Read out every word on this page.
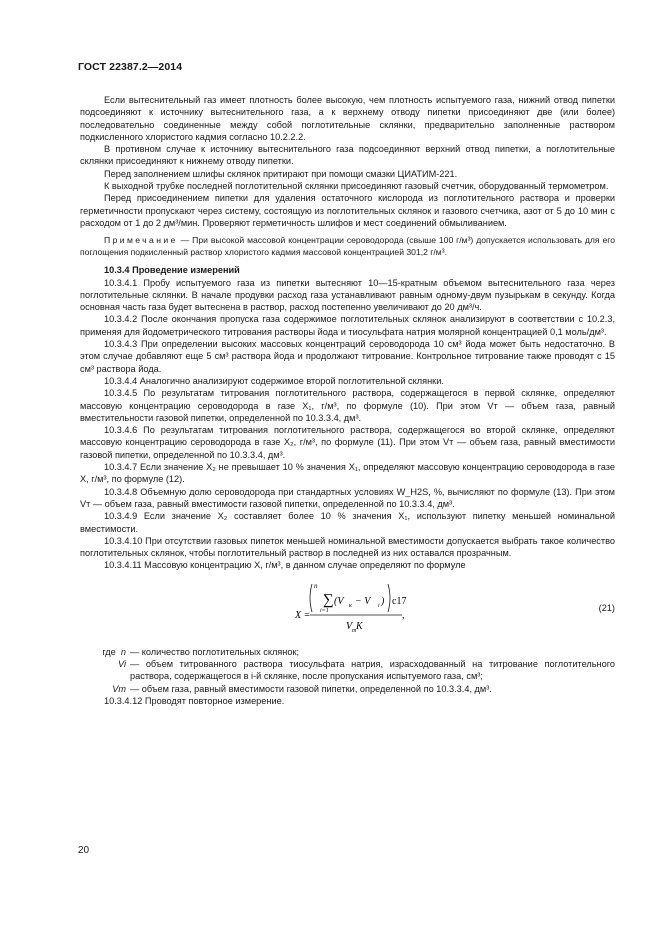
ГОСТ 22387.2—2014

Если вытеснительный газ имеет плотность более высокую, чем плотность испытуемого газа, нижний отвод пипетки подсоединяют к источнику вытеснительного газа, а к верхнему отводу пипетки присоединяют две (или более) последовательно соединенные между собой поглотительные склянки, предварительно заполненные раствором подкисленного хлористого кадмия согласно 10.2.2.2.

В противном случае к источнику вытеснительного газа подсоединяют верхний отвод пипетки, а поглотительные склянки присоединяют к нижнему отводу пипетки.

Перед заполнением шлифы склянок притирают при помощи смазки ЦИАТИМ-221.

К выходной трубке последней поглотительной склянки присоединяют газовый счетчик, оборудованный термометром.

Перед присоединением пипетки для удаления остаточного кислорода из поглотительного раствора и проверки герметичности пропускают через систему, состоящую из поглотительных склянок и газового счетчика, азот от 5 до 10 мин с расходом от 1 до 2 дм³/мин. Проверяют герметичность шлифов и мест соединений обмыливанием.

Примечание — При высокой массовой концентрации сероводорода (свыше 100 г/м³) допускается использовать для его поглощения подкисленный раствор хлористого кадмия массовой концентрацией 301,2 г/м³.

10.3.4 Проведение измерений

10.3.4.1 Пробу испытуемого газа из пипетки вытесняют 10—15-кратным объемом вытеснительного газа через поглотительные склянки. В начале продувки расход газа устанавливают равным одному-двум пузырькам в секунду. Когда основная часть газа будет вытеснена в раствор, расход постепенно увеличивают до 20 дм³/ч.

10.3.4.2 После окончания пропуска газа содержимое поглотительных склянок анализируют в соответствии с 10.2.3, применяя для йодометрического титрования растворы йода и тиосульфата натрия молярной концентрацией 0,1 моль/дм³.

10.3.4.3 При определении высоких массовых концентраций сероводорода 10 см³ йода может быть недостаточно. В этом случае добавляют еще 5 см³ раствора йода и продолжают титрование. Контрольное титрование также проводят с 15 см³ раствора йода.

10.3.4.4 Аналогично анализируют содержимое второй поглотительной склянки.

10.3.4.5 По результатам титрования поглотительного раствора, содержащегося в первой склянке, определяют массовую концентрацию сероводорода в газе X₁, г/м³, по формуле (10). При этом Vт — объем газа, равный вместительности газовой пипетки, определенной по 10.3.3.4, дм³.

10.3.4.6 По результатам титрования поглотительного раствора, содержащегося во второй склянке, определяют массовую концентрацию сероводорода в газе X₂, г/м³, по формуле (11). При этом Vт — объем газа, равный вместимости газовой пипетки, определенной по 10.3.3.4, дм³.

10.3.4.7 Если значение X₂ не превышает 10 % значения X₁, определяют массовую концентрацию сероводорода в газе X, г/м³, по формуле (12).

10.3.4.8 Объемную долю сероводорода при стандартных условиях W_H2S, %, вычисляют по формуле (13). При этом Vт — объем газа, равный вместимости газовой пипетки, определенной по 10.3.3.4, дм³.

10.3.4.9 Если значение X₂ составляет более 10 % значения X₁, используют пипетку меньшей номинальной вместимости.

10.3.4.10 При отсутствии газовых пипеток меньшей номинальной вместимости допускается выбрать такое количество поглотительных склянок, чтобы поглотительный раствор в последней из них оставался прозрачным.

10.3.4.11 Массовую концентрацию X, г/м³, в данном случае определяют по формуле

X =
n
∑
i=1
(V к − V	i ) c17
V т K
,
(21)
где n — количество поглотительных склянок;
Vi — объем титрованного раствора тиосульфата натрия, израсходованный на титрование поглотительного раствора, содержащегося в i-й склянке, после пропускания испытуемого газа, см³;
Vт — объем газа, равный вместимости газовой пипетки, определенной по 10.3.3.4, дм³.

10.3.4.12 Проводят повторное измерение.

20
